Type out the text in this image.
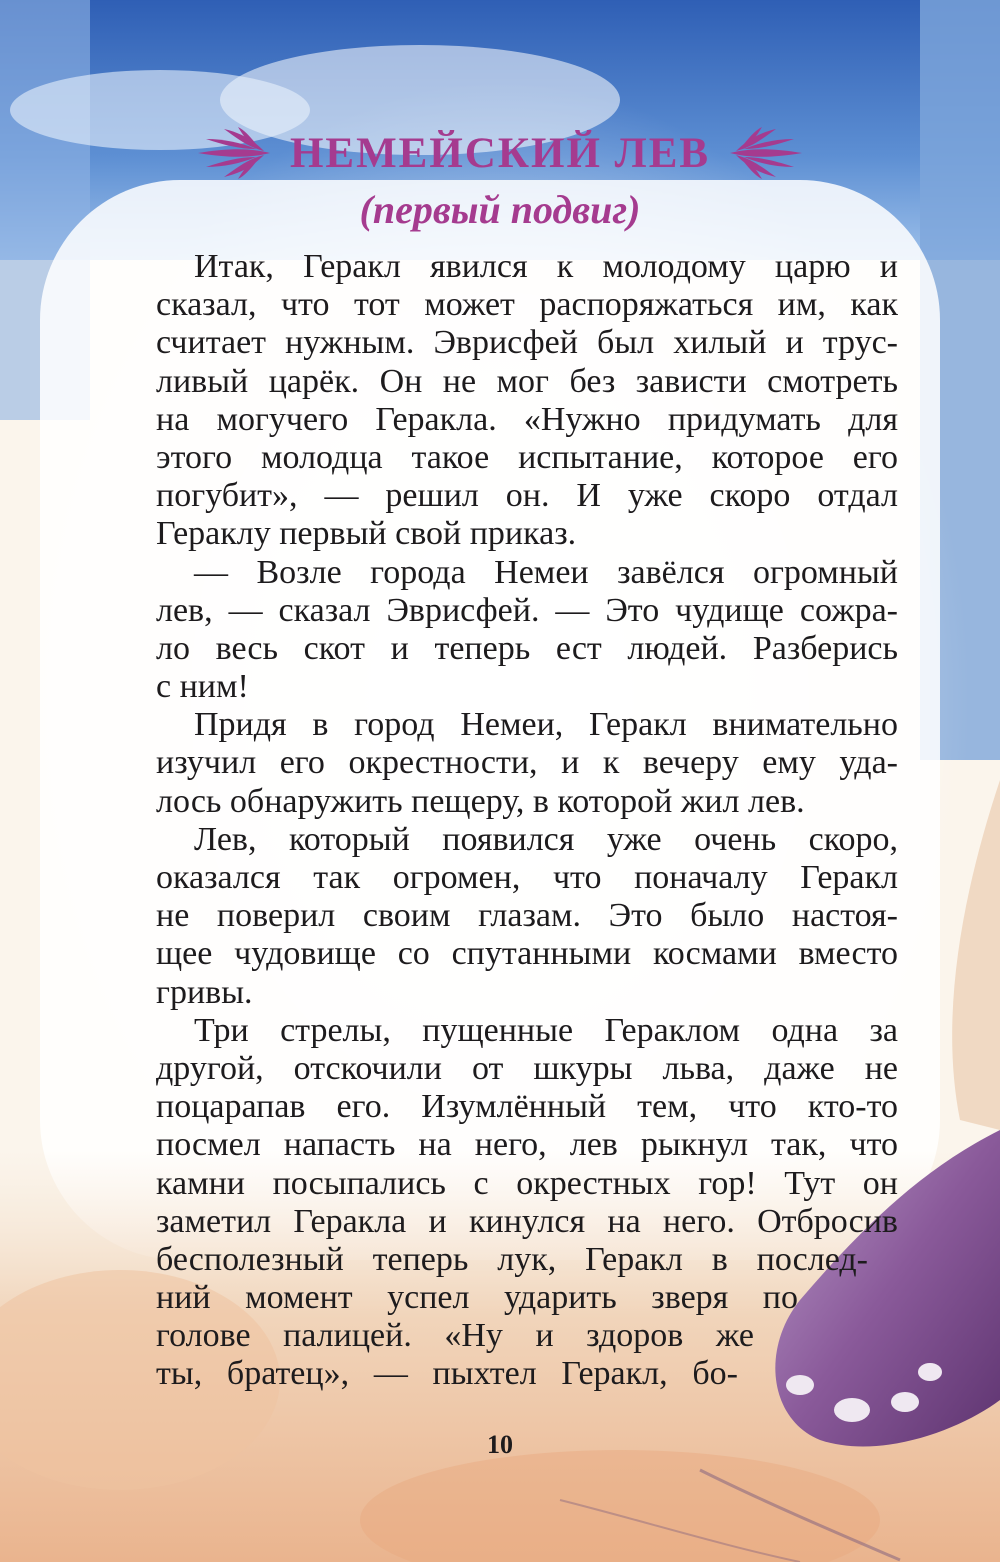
НЕМЕЙСКИЙ ЛЕВ
(первый подвиг)
Итак, Геракл явился к молодому царю и
сказал, что тот может распоряжаться им, как
считает нужным. Эврисфей был хилый и трус-
ливый царёк. Он не мог без зависти смотреть
на могучего Геракла. «Нужно придумать для
этого молодца такое испытание, которое его
погубит», — решил он. И уже скоро отдал
Гераклу первый свой приказ.
— Возле города Немеи завёлся огромный
лев, — сказал Эврисфей. — Это чудище сожра-
ло весь скот и теперь ест людей. Разберись
с ним!
Придя в город Немеи, Геракл внимательно
изучил его окрестности, и к вечеру ему уда-
лось обнаружить пещеру, в которой жил лев.
Лев, который появился уже очень скоро,
оказался так огромен, что поначалу Геракл
не поверил своим глазам. Это было настоя-
щее чудовище со спутанными космами вместо
гривы.
Три стрелы, пущенные Гераклом одна за
другой, отскочили от шкуры льва, даже не
поцарапав его. Изумлённый тем, что кто-то
посмел напасть на него, лев рыкнул так, что
камни посыпались с окрестных гор! Тут он
заметил Геракла и кинулся на него. Отбросив
бесполезный теперь лук, Геракл в послед-
ний момент успел ударить зверя по
голове палицей. «Ну и здоров же
ты, братец», — пыхтел Геракл, бо-
10
